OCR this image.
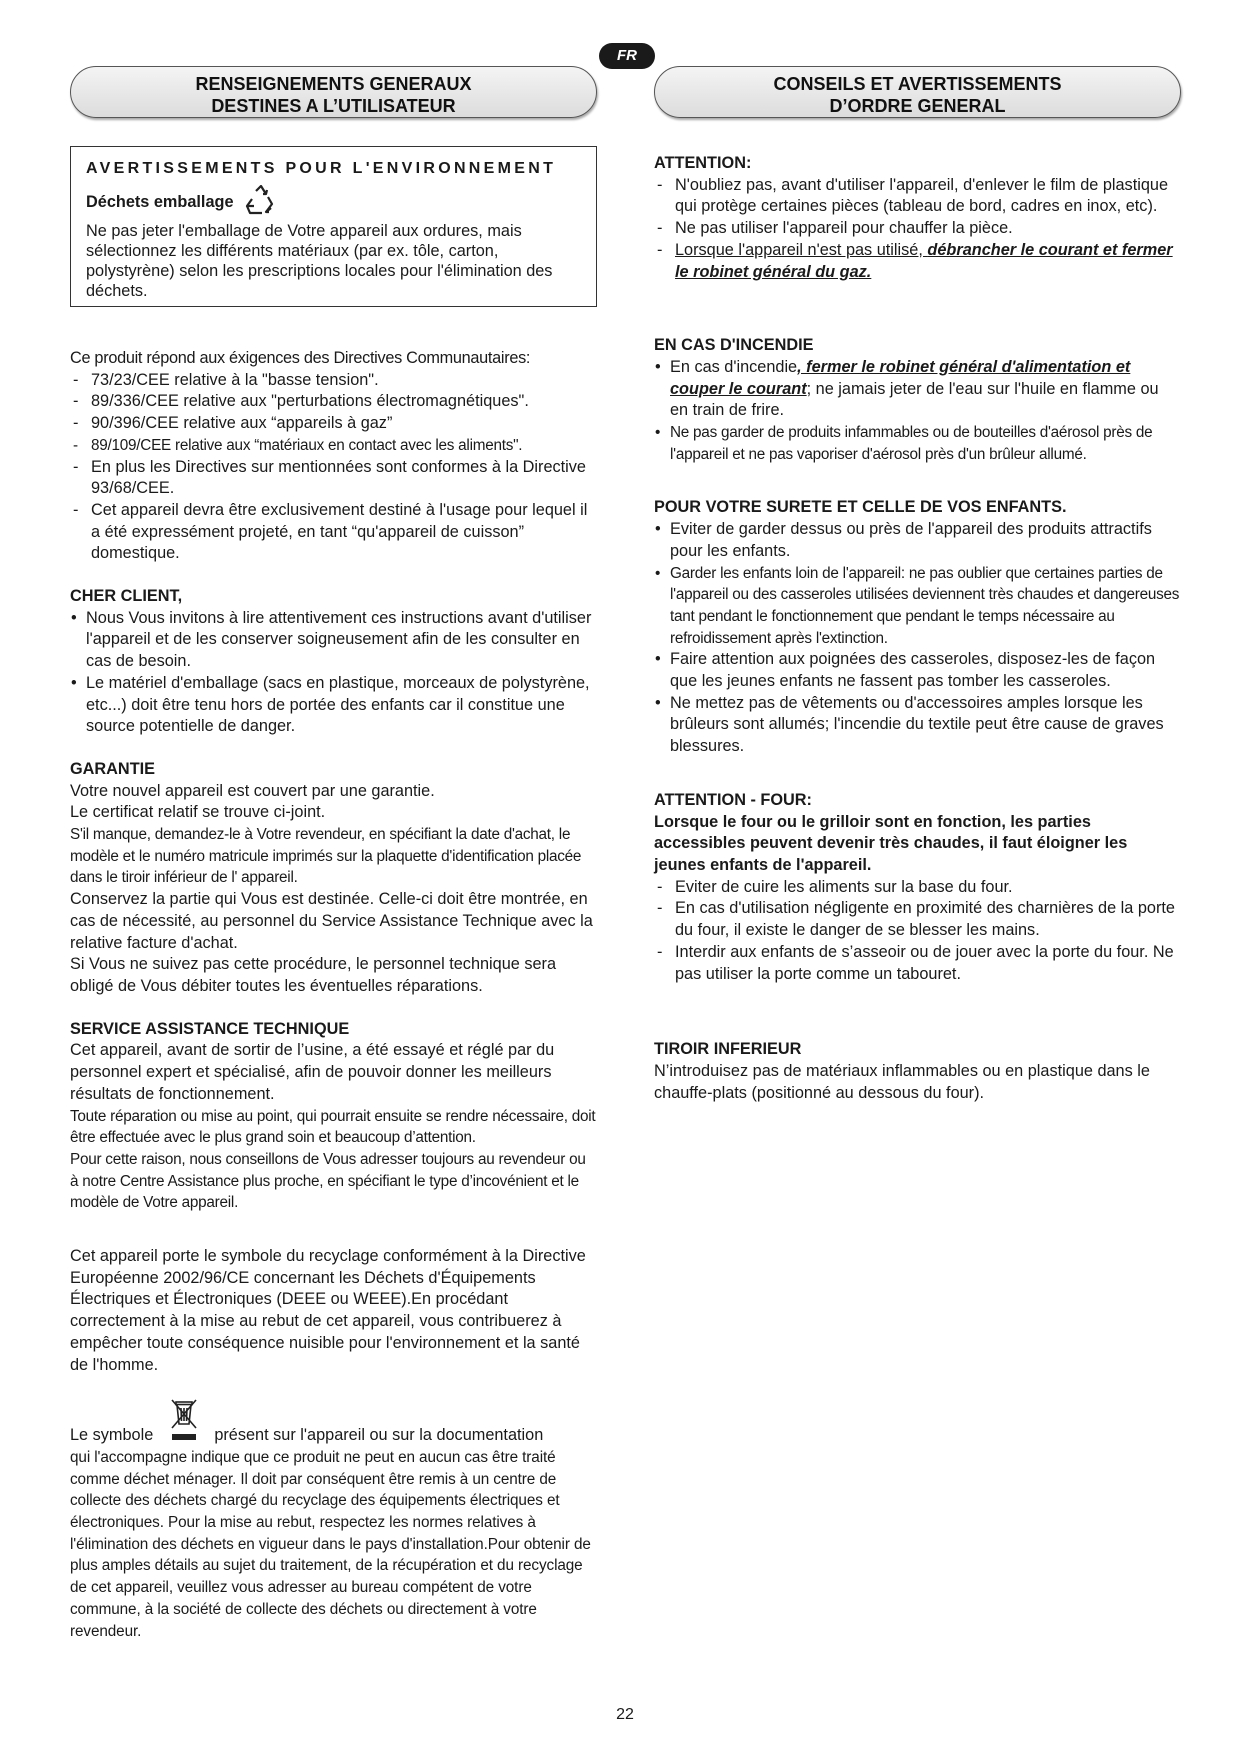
FR
RENSEIGNEMENTS GENERAUX
DESTINES A L’UTILISATEUR
CONSEILS ET AVERTISSEMENTS
D’ORDRE GENERAL

AVERTISSEMENTS POUR L'ENVIRONNEMENT

Déchets emballage

Ne pas jeter l'emballage de Votre appareil aux ordures, mais sélectionnez les différents matériaux (par ex. tôle, carton, polystyrène) selon les prescriptions locales pour l'élimination des déchets.

Ce produit répond aux éxigences des Directives Communautaires:

- 73/23/CEE relative à la "basse tension".

- 89/336/CEE relative aux "perturbations électromagnétiques".

- 90/396/CEE relative aux “appareils à gaz”

- 89/109/CEE relative aux “matériaux en contact avec les aliments".

- En plus les Directives sur mentionnées sont conformes à la Directive 93/68/CEE.

- Cet appareil devra être exclusivement destiné à l'usage pour lequel il a été expressément projeté, en tant “qu'appareil de cuisson” domestique.

CHER CLIENT,

• Nous Vous invitons à lire attentivement ces instructions avant d'utiliser l'appareil et de les conserver soigneusement afin de les consulter en cas de besoin.

• Le matériel d'emballage (sacs en plastique, morceaux de polystyrène, etc...) doit être tenu hors de portée des enfants car il constitue une source potentielle de danger.

GARANTIE

Votre nouvel appareil est couvert par une garantie.

Le certificat relatif se trouve ci-joint.

S'il manque, demandez-le à Votre revendeur, en spécifiant la date d'achat, le modèle et le numéro matricule imprimés sur la plaquette d'identification placée dans le tiroir inférieur de l' appareil.

Conservez la partie qui Vous est destinée. Celle-ci doit être montrée, en cas de nécessité, au personnel du Service Assistance Technique avec la relative facture d'achat.

Si Vous ne suivez pas cette procédure, le personnel technique sera obligé de Vous débiter toutes les éventuelles réparations.

SERVICE ASSISTANCE TECHNIQUE

Cet appareil, avant de sortir de l’usine, a été essayé et réglé par du personnel expert et spécialisé, afin de pouvoir donner les meilleurs résultats de fonctionnement.

Toute réparation ou mise au point, qui pourrait ensuite se rendre nécessaire, doit être effectuée avec le plus grand soin et beaucoup d’attention.

Pour cette raison, nous conseillons de Vous adresser toujours au revendeur ou à notre Centre Assistance plus proche, en spécifiant le type d’incovénient et le modèle de Votre appareil.

Cet appareil porte le symbole du recyclage conformément à la Directive Européenne 2002/96/CE concernant les Déchets d'Équipements Électriques et Électroniques (DEEE ou WEEE).En procédant correctement à la mise au rebut de cet appareil, vous contribuerez à empêcher toute conséquence nuisible pour l'environnement et la santé de l'homme.

Le symbole	présent sur l'appareil ou sur la documentation

qui l'accompagne indique que ce produit ne peut en aucun cas être traité comme déchet ménager. Il doit par conséquent être remis à un centre de collecte des déchets chargé du recyclage des équipements électriques et électroniques. Pour la mise au rebut, respectez les normes relatives à l'élimination des déchets en vigueur dans le pays d'installation.Pour obtenir de plus amples détails au sujet du traitement, de la récupération et du recyclage de cet appareil, veuillez vous adresser au bureau compétent de votre commune, à la société de collecte des déchets ou directement à votre revendeur.

ATTENTION:

- N'oubliez pas, avant d'utiliser l'appareil, d'enlever le film de plastique qui protège certaines pièces (tableau de bord, cadres en inox, etc).

- Ne pas utiliser l'appareil pour chauffer la pièce.

- Lorsque l'appareil n'est pas utilisé, débrancher le courant et fermer le robinet général du gaz.

EN CAS D'INCENDIE

• En cas d'incendie, fermer le robinet général d'alimentation et couper le courant; ne jamais jeter de l'eau sur l'huile en flamme ou en train de frire.

• Ne pas garder de produits infammables ou de bouteilles d'aérosol près de l'appareil et ne pas vaporiser d'aérosol près d'un brûleur allumé.

POUR VOTRE SURETE ET CELLE DE VOS ENFANTS.

• Eviter de garder dessus ou près de l'appareil des produits attractifs pour les enfants.

• Garder les enfants loin de l'appareil: ne pas oublier que certaines parties de l'appareil ou des casseroles utilisées deviennent très chaudes et dangereuses tant pendant le fonctionnement que pendant le temps nécessaire au refroidissement après l'extinction.

• Faire attention aux poignées des casseroles, disposez-les de façon que les jeunes enfants ne fassent pas tomber les casseroles.

• Ne mettez pas de vêtements ou d'accessoires amples lorsque les brûleurs sont allumés; l'incendie du textile peut être cause de graves blessures.

ATTENTION - FOUR:

Lorsque le four ou le grilloir sont en fonction, les parties accessibles peuvent devenir très chaudes, il faut éloigner les jeunes enfants de l'appareil.

- Eviter de cuire les aliments sur la base du four.

- En cas d'utilisation négligente en proximité des charnières de la porte du four, il existe le danger de se blesser les mains.

- Interdir aux enfants de s’asseoir ou de jouer avec la porte du four. Ne pas utiliser la porte comme un tabouret.

TIROIR INFERIEUR

N’introduisez pas de matériaux inflammables ou en plastique dans le chauffe-plats (positionné au dessous du four).

22
